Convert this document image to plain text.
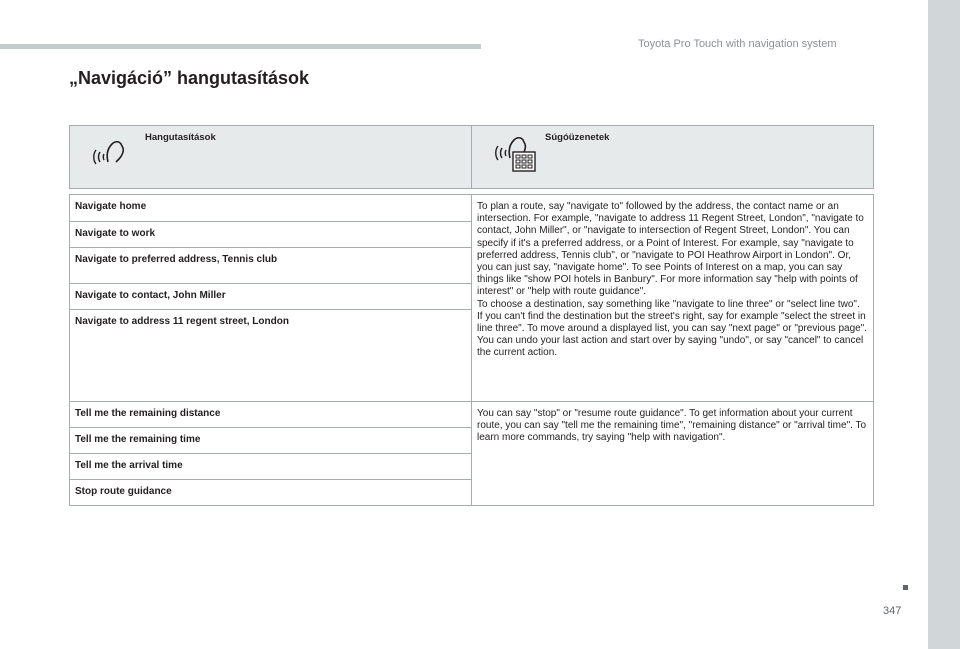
Toyota Pro Touch with navigation system
„Navigáció” hangutasítások
Hangutasítások	Súgóüzenetek

Navigate home	To plan a route, say "navigate to" followed by the address, the contact name or an intersection. For example, "navigate to address 11 Regent Street, London", "navigate to contact, John Miller", or "navigate to intersection of Regent Street, London". You can specify if it's a preferred address, or a Point of Interest. For example, say "navigate to preferred address, Tennis club", or "navigate to POI Heathrow Airport in London". Or, you can just say, "navigate home". To see Points of Interest on a map, you can say things like "show POI hotels in Banbury". For more information say "help with points of interest" or "help with route guidance".
To choose a destination, say something like "navigate to line three" or "select line two". If you can't find the destination but the street's right, say for example "select the street in line three". To move around a displayed list, you can say "next page" or "previous page". You can undo your last action and start over by saying "undo", or say "cancel" to cancel the current action.

Navigate to work	
Navigate to preferred address, Tennis club	
Navigate to contact, John Miller	
Navigate to address 11 regent street, London	
Tell me the remaining distance	You can say "stop" or "resume route guidance". To get information about your current route, you can say "tell me the remaining time", "remaining distance" or "arrival time". To learn more commands, try saying "help with navigation".
Tell me the remaining time	
Tell me the arrival time	
Stop route guidance	
347
